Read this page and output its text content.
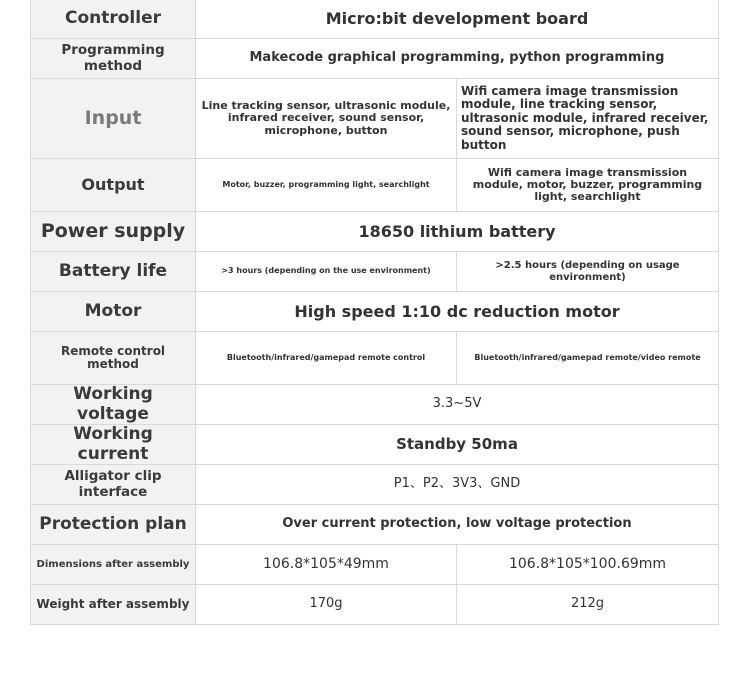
Controller	Micro:bit development board	
Programming method	Makecode graphical programming, python programming	
Input	Line tracking sensor, ultrasonic module, infrared receiver, sound sensor, microphone, button	Wifi camera image transmission module, line tracking sensor, ultrasonic module, infrared receiver, sound sensor, microphone, push button
Output	Motor, buzzer, programming light, searchlight	Wifi camera image transmission module, motor, buzzer, programming light, searchlight
Power supply	18650 lithium battery	
Battery life	>3 hours (depending on the use environment)	>2.5 hours (depending on usage environment)
Motor	High speed 1:10 dc reduction motor	
Remote control method	Bluetooth/infrared/gamepad remote control	Bluetooth/infrared/gamepad remote/video remote
Working voltage	3.3~5V	
Working current	Standby 50ma	
Alligator clip interface	P1、P2、3V3、GND	
Protection plan	Over current protection, low voltage protection	
Dimensions after assembly	106.8*105*49mm	106.8*105*100.69mm
Weight after assembly	170g	212g
